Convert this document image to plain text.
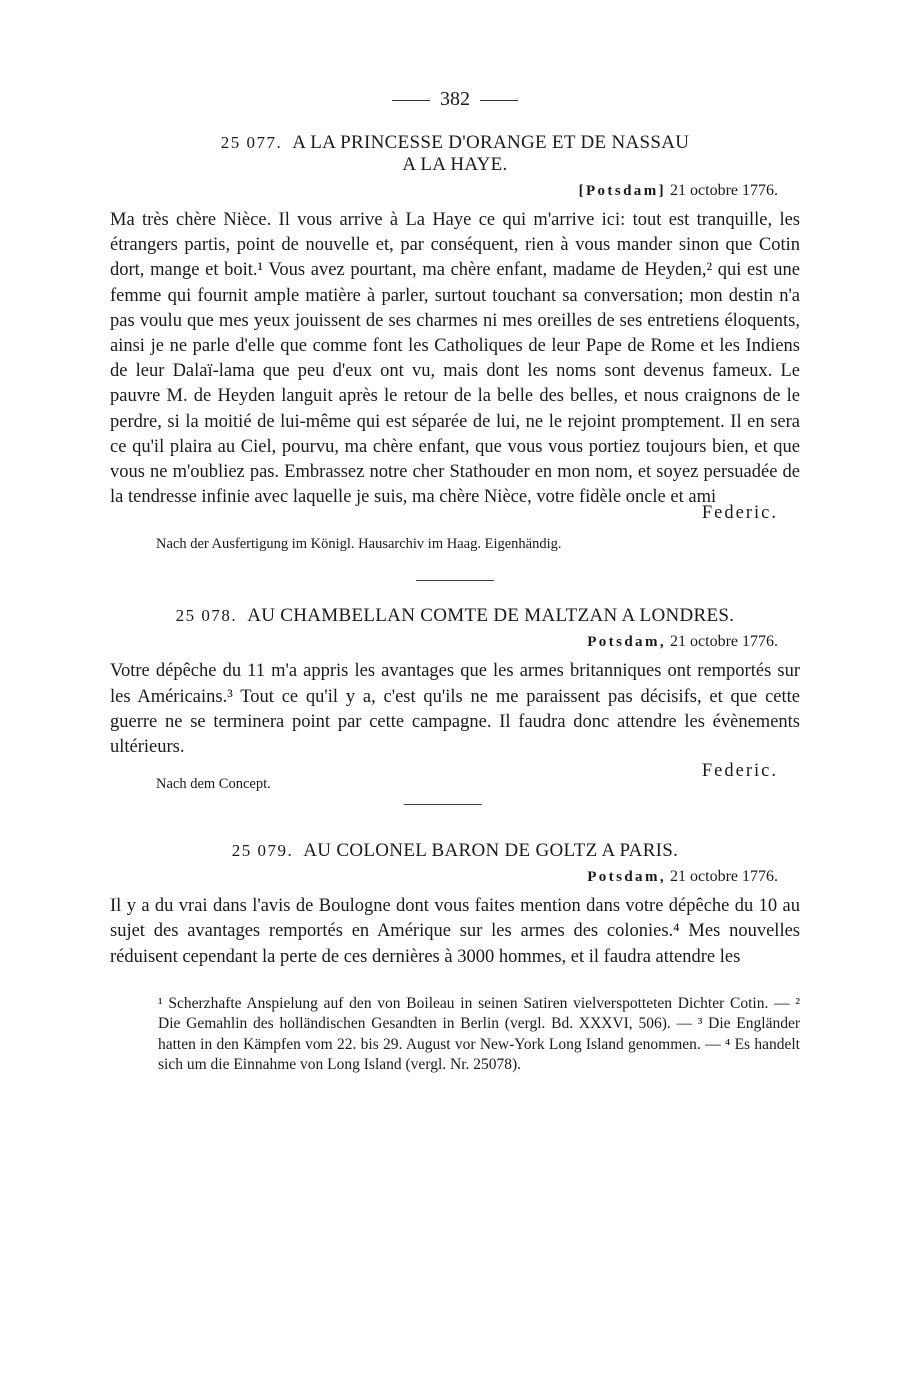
382
25 077. A LA PRINCESSE D'ORANGE ET DE NASSAU
A LA HAYE.
[Potsdam] 21 octobre 1776.
Ma très chère Nièce. Il vous arrive à La Haye ce qui m'arrive ici: tout est tranquille, les étrangers partis, point de nouvelle et, par conséquent, rien à vous mander sinon que Cotin dort, mange et boit.¹ Vous avez pourtant, ma chère enfant, madame de Heyden,² qui est une femme qui fournit ample matière à parler, surtout touchant sa conversation; mon destin n'a pas voulu que mes yeux jouissent de ses charmes ni mes oreilles de ses entretiens éloquents, ainsi je ne parle d'elle que comme font les Catholiques de leur Pape de Rome et les Indiens de leur Dalaï-lama que peu d'eux ont vu, mais dont les noms sont devenus fameux. Le pauvre M. de Heyden languit après le retour de la belle des belles, et nous craignons de le perdre, si la moitié de lui-même qui est séparée de lui, ne le rejoint promptement. Il en sera ce qu'il plaira au Ciel, pourvu, ma chère enfant, que vous vous portiez toujours bien, et que vous ne m'oubliez pas. Embrassez notre cher Stathouder en mon nom, et soyez persuadée de la tendresse infinie avec laquelle je suis, ma chère Nièce, votre fidèle oncle et ami
Federic.
Nach der Ausfertigung im Königl. Hausarchiv im Haag. Eigenhändig.
25 078. AU CHAMBELLAN COMTE DE MALTZAN A LONDRES.
Potsdam, 21 octobre 1776.
Votre dépêche du 11 m'a appris les avantages que les armes britanniques ont remportés sur les Américains.³ Tout ce qu'il y a, c'est qu'ils ne me paraissent pas décisifs, et que cette guerre ne se terminera point par cette campagne. Il faudra donc attendre les évènements ultérieurs.
Federic.
Nach dem Concept.
25 079. AU COLONEL BARON DE GOLTZ A PARIS.
Potsdam, 21 octobre 1776.
Il y a du vrai dans l'avis de Boulogne dont vous faites mention dans votre dépêche du 10 au sujet des avantages remportés en Amérique sur les armes des colonies.⁴ Mes nouvelles réduisent cependant la perte de ces dernières à 3000 hommes, et il faudra attendre les
¹ Scherzhafte Anspielung auf den von Boileau in seinen Satiren vielverspotteten Dichter Cotin. — ² Die Gemahlin des holländischen Gesandten in Berlin (vergl. Bd. XXXVI, 506). — ³ Die Engländer hatten in den Kämpfen vom 22. bis 29. August vor New-York Long Island genommen. — ⁴ Es handelt sich um die Einnahme von Long Island (vergl. Nr. 25078).
